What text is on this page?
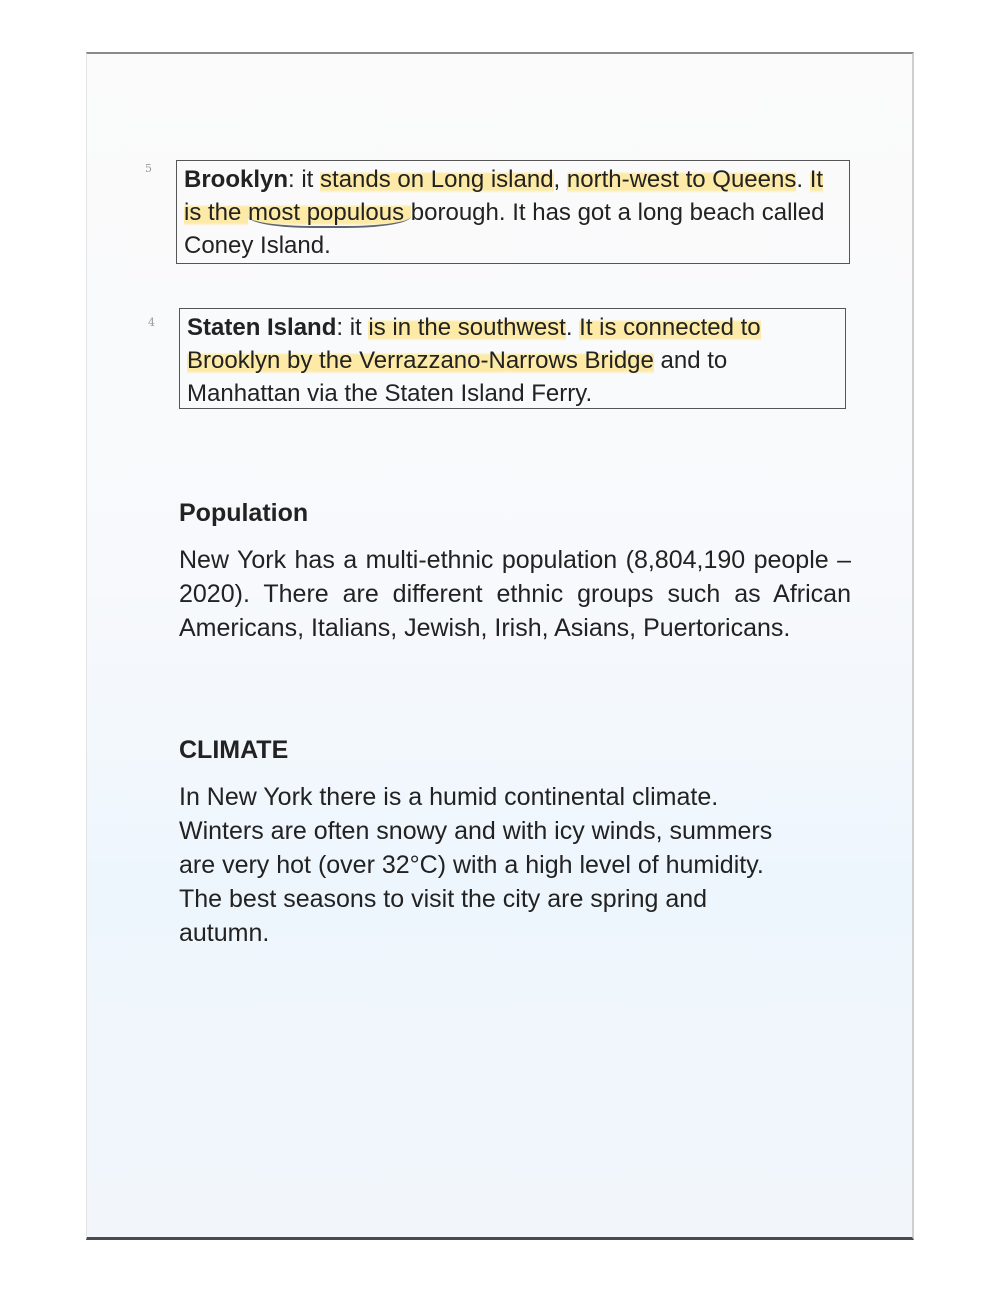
5
4
Brooklyn: it stands on Long island, north-west to Queens. It is the most populous borough. It has got a long beach called Coney Island.
Staten Island: it is in the southwest. It is connected to Brooklyn by the Verrazzano-Narrows Bridge and to Manhattan via the Staten Island Ferry.
Population
New York has a multi-ethnic population (8,804,190 people – 2020). There are different ethnic groups such as African Americans, Italians, Jewish, Irish, Asians, Puertoricans.
CLIMATE
In New York there is a humid continental climate.
Winters are often snowy and with icy winds, summers
are very hot (over 32°C) with a high level of humidity.
The best seasons to visit the city are spring and
autumn.
